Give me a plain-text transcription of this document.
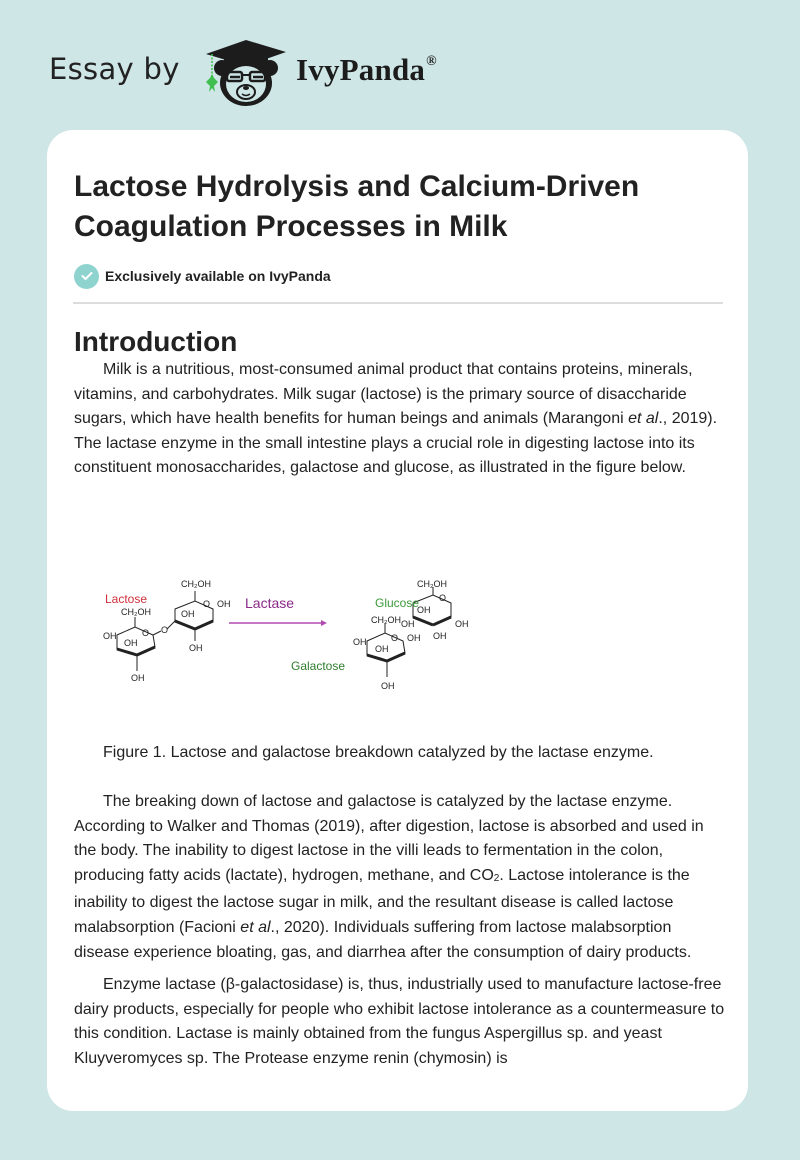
Essay by	IvyPanda®
Lactose Hydrolysis and Calcium-Driven Coagulation Processes in Milk
Exclusively available on IvyPanda
Introduction

Milk is a nutritious, most-consumed animal product that contains proteins, minerals, vitamins, and carbohydrates. Milk sugar (lactose) is the primary source of disaccharide sugars, which have health benefits for human beings and animals (Marangoni et al., 2019). The lactase enzyme in the small intestine plays a crucial role in digesting lactose into its constituent monosaccharides, galactose and glucose, as illustrated in the figure below.

O
Lactose
CH₂OH
OH
OH
O
OH
CH₂OH
O OH
OH
OH
Lactase
CH₂OH
O
Glucose
OH
OH	OH
OH
CH₂OH
OH	O OH
OH
Galactose
OH

Figure 1. Lactose and galactose breakdown catalyzed by the lactase enzyme.

The breaking down of lactose and galactose is catalyzed by the lactase enzyme. According to Walker and Thomas (2019), after digestion, lactose is absorbed and used in the body. The inability to digest lactose in the villi leads to fermentation in the colon, producing fatty acids (lactate), hydrogen, methane, and CO2. Lactose intolerance is the inability to digest the lactose sugar in milk, and the resultant disease is called lactose malabsorption (Facioni et al., 2020). Individuals suffering from lactose malabsorption disease experience bloating, gas, and diarrhea after the consumption of dairy products.

Enzyme lactase (β-galactosidase) is, thus, industrially used to manufacture lactose-free dairy products, especially for people who exhibit lactose intolerance as a countermeasure to this condition. Lactase is mainly obtained from the fungus Aspergillus sp. and yeast Kluyveromyces sp. The Protease enzyme renin (chymosin) is
